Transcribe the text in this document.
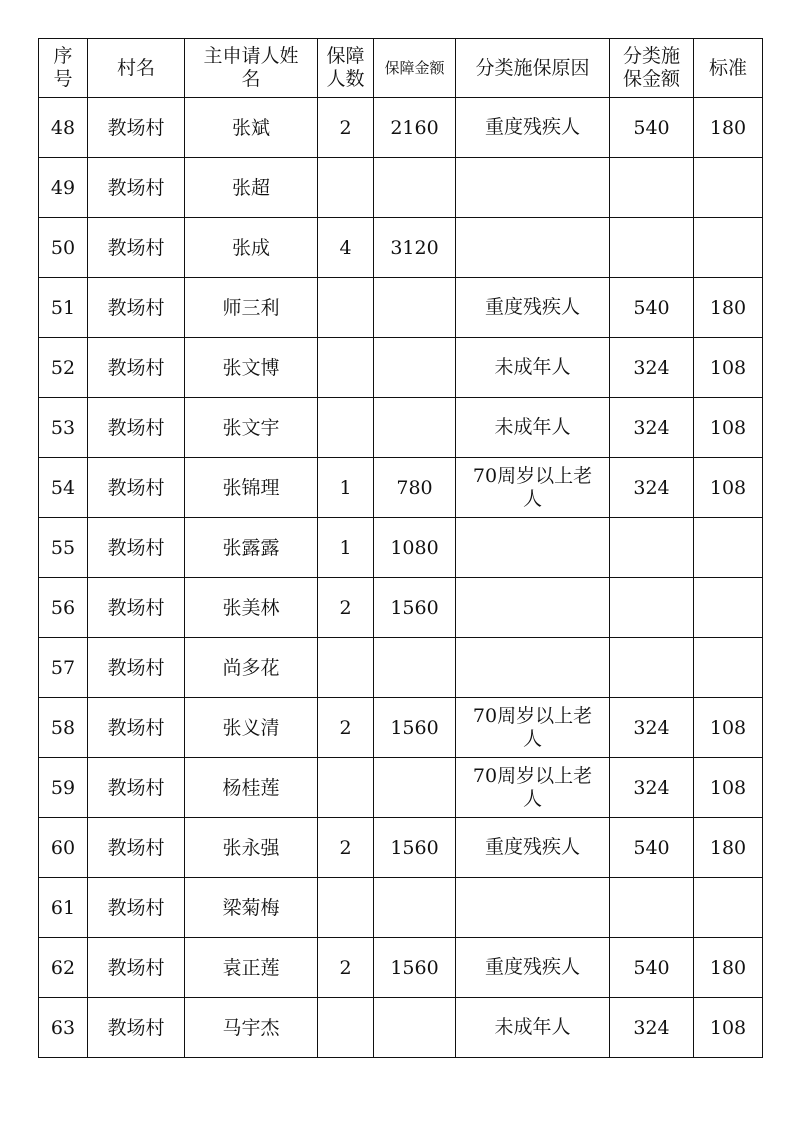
序号	村名	主申请人姓名	保障人数	保障金额	分类施保原因	分类施保金额	标准
48	教场村	张斌	2	2160	重度残疾人	540	180
49	教场村	张超					
50	教场村	张成	4	3120			
51	教场村	师三利			重度残疾人	540	180
52	教场村	张文博			未成年人	324	108
53	教场村	张文宇			未成年人	324	108
54	教场村	张锦理	1	780	70周岁以上老人	324	108
55	教场村	张露露	1	1080			
56	教场村	张美林	2	1560			
57	教场村	尚多花					
58	教场村	张义清	2	1560	70周岁以上老人	324	108
59	教场村	杨桂莲			70周岁以上老人	324	108
60	教场村	张永强	2	1560	重度残疾人	540	180
61	教场村	梁菊梅					
62	教场村	袁正莲	2	1560	重度残疾人	540	180
63	教场村	马宇杰			未成年人	324	108
